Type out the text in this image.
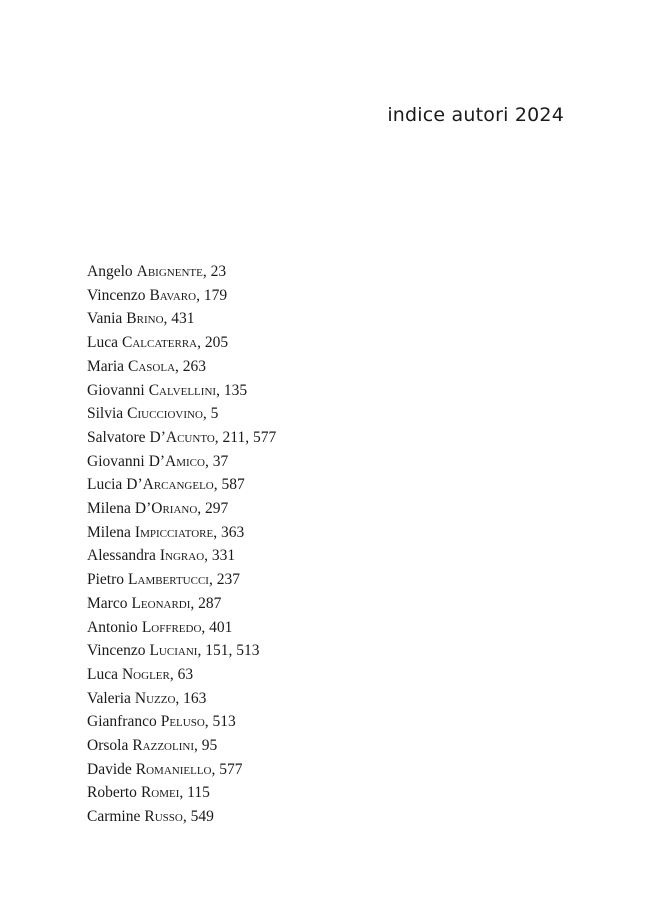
indice autori 2024
Angelo Abignente, 23
Vincenzo Bavaro, 179
Vania Brino, 431
Luca Calcaterra, 205
Maria Casola, 263
Giovanni Calvellini, 135
Silvia Ciucciovino, 5
Salvatore D’Acunto, 211, 577
Giovanni D’Amico, 37
Lucia D’Arcangelo, 587
Milena D’Oriano, 297
Milena Impicciatore, 363
Alessandra Ingrao, 331
Pietro Lambertucci, 237
Marco Leonardi, 287
Antonio Loffredo, 401
Vincenzo Luciani, 151, 513
Luca Nogler, 63
Valeria Nuzzo, 163
Gianfranco Peluso, 513
Orsola Razzolini, 95
Davide Romaniello, 577
Roberto Romei, 115
Carmine Russo, 549
